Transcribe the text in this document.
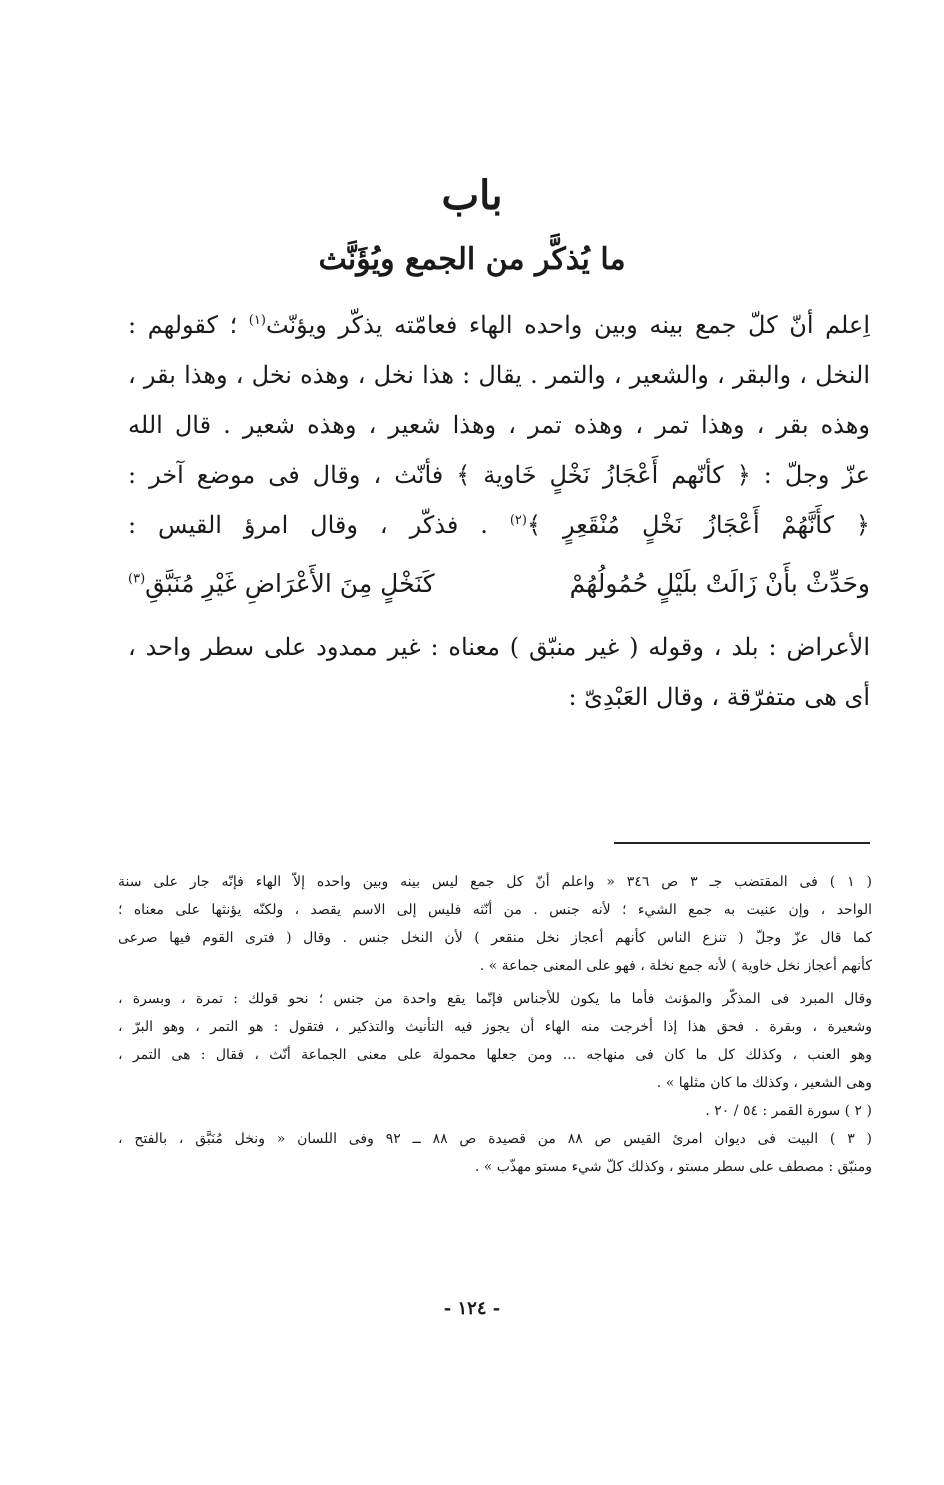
باب
ما يُذكَّر من الجمع ويُؤَنَّث
اِعلم أنّ كلّ جمع بينه وبين واحده الهاء فعامّته يذكّر ويؤنّث$^{(١)}$ ؛ كقولهم :
النخل ، والبقر ، والشعير ، والتمر . يقال : هذا نخل ، وهذه نخل ، وهذا بقر ،
وهذه بقر ، وهذا تمر ، وهذه تمر ، وهذا شعير ، وهذه شعير . قال الله
عزّ وجلّ : ﴿ كأنّهم أَعْجَازُ نَخْلٍ خَاوية ﴾ فأنّث ، وقال فى موضع آخر :
﴿ كأَنَّهُمْ أَعْجَازُ نَخْلٍ مُنْقَعِرٍ ﴾$^{(٢)}$ . فذكّر ، وقال امرؤ القيس :
وحَدِّثْ بأَنْ زَالَتْ بلَيْلٍ حُمُولُهُمْ
كَنَخْلٍ مِنَ الأَعْرَاضِ غَيْرِ مُنَبَّقِ$^{(٣)}$
الأعراض : بلد ، وقوله ( غير منبّق ) معناه : غير ممدود على سطر واحد ،
أى هى متفرّقة ، وقال العَبْدِىّ :
( ١ ) فى المقتضب جـ ٣ ص ٣٤٦ « واعلم أنّ كل جمع ليس بينه وبين واحده إلاّ الهاء فإنّه جار على سنة
الواحد ، وإن عنيت به جمع الشيء ؛ لأنه جنس . من أنّثه فليس إلى الاسم يقصد ، ولكنّه يؤنثها على معناه ؛
كما قال عزّ وجلّ ( تنزع الناس كأنهم أعجاز نخل منقعر ) لأن النخل جنس . وقال ( فترى القوم فيها صرعى
كأنهم أعجاز نخل خاوية ) لأنه جمع نخلة ، فهو على المعنى جماعة » .
وقال المبرد فى المذكّر والمؤنث فأما ما يكون للأجناس فإنّما يقع واحدة من جنس ؛ نحو قولك : تمرة ، وبسرة ،
وشعيرة ، وبقرة . فحق هذا إذا أخرجت منه الهاء أن يجوز فيه التأنيث والتذكير ، فتقول : هو التمر ، وهو البرّ ،
وهو العنب ، وكذلك كل ما كان فى منهاجه ... ومن جعلها محمولة على معنى الجماعة أنّث ، فقال : هى التمر ،
وهى الشعير ، وكذلك ما كان مثلها » .
( ٢ ) سورة القمر : ٥٤ / ٢٠ .
( ٣ ) البيت فى ديوان امرئ القيس ص ٨٨ من قصيدة ص ٨٨ ــ ٩٢ وفى اللسان « ونخل مُنَبَّق ، بالفتح ،
ومنبّق : مصطف على سطر مستو ، وكذلك كلّ شيء مستو مهذّب » .
- ١٢٤ -
